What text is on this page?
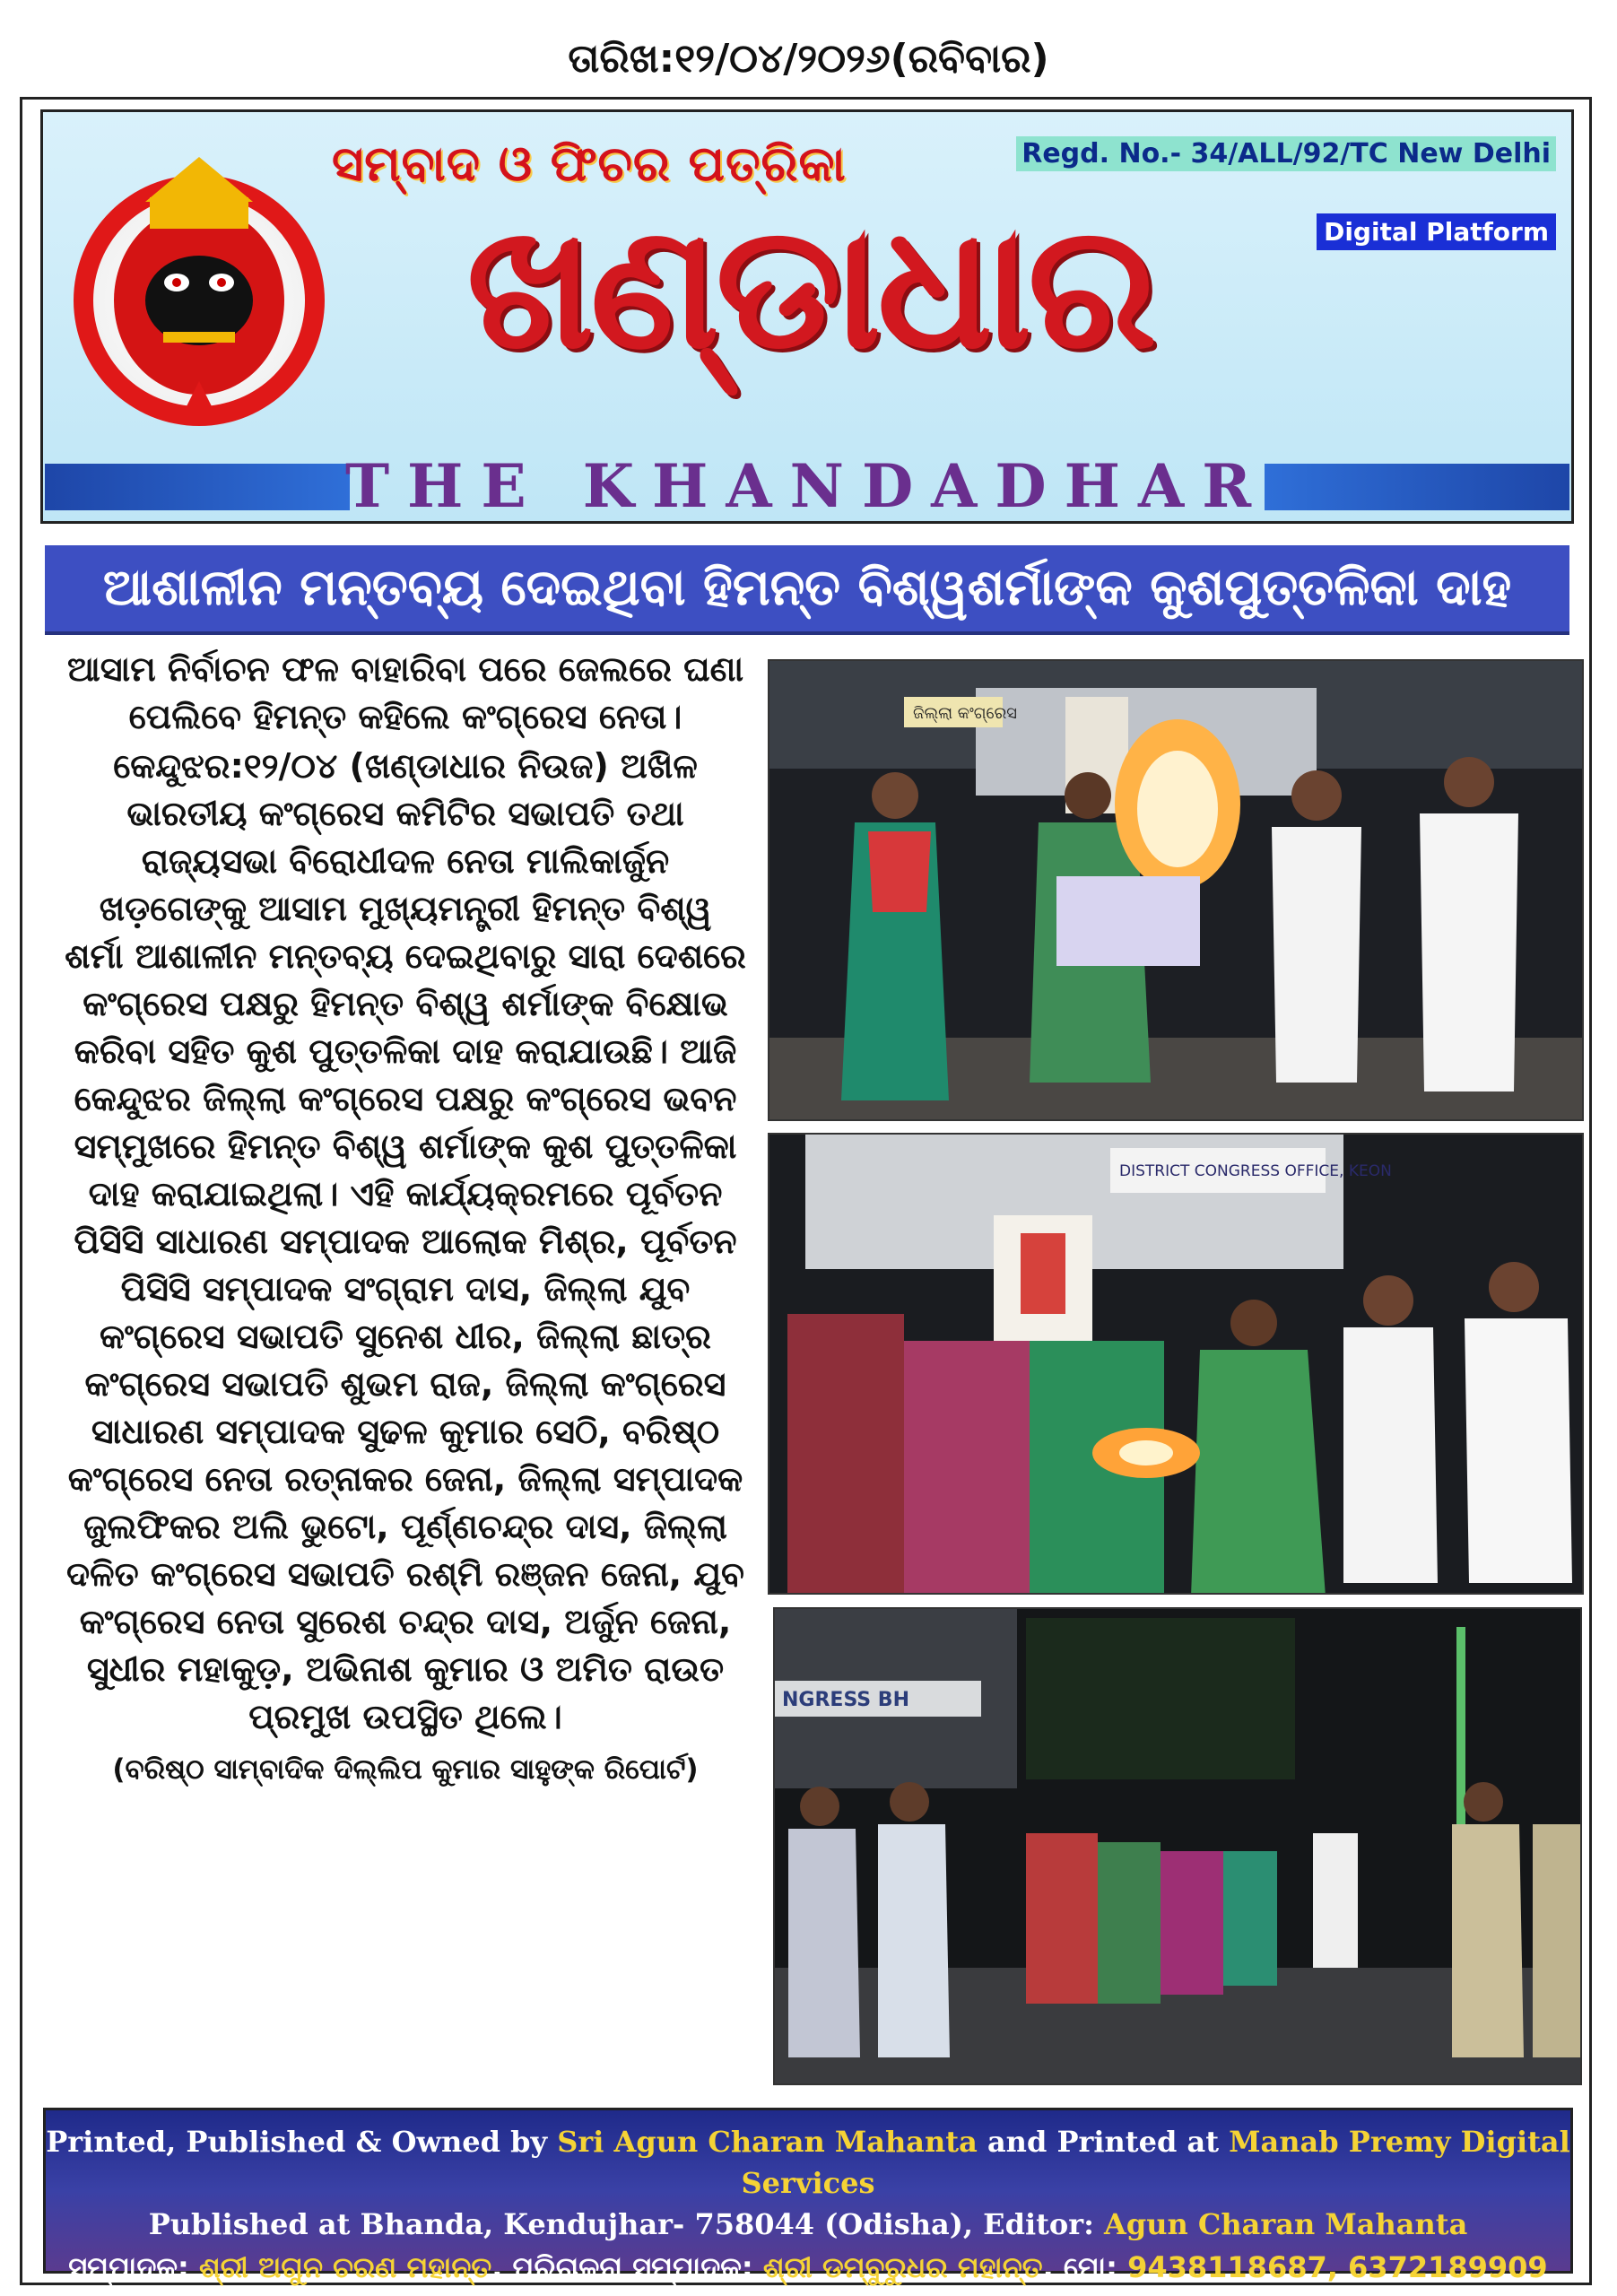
ତାରିଖ:୧୨/୦୪/୨୦୨୬(ରବିବାର)
ସମ୍ବାଦ ଓ ଫିଚର ପତ୍ରିକା
ଖଣ୍ଡାଧାର
Regd. No.- 34/ALL/92/TC New Delhi
Digital Platform
THE KHANDADHAR
ଆଶାଳୀନ ମନ୍ତବ୍ୟ ଦେଇଥିବା ହିମନ୍ତ ବିଶ୍ୱଶର୍ମାଙ୍କ କୁଶପୁତ୍ତଳିକା ଦାହ

ଆସାମ ନିର୍ବାଚନ ଫଳ ବାହାରିବା ପରେ ଜେଲରେ ଘଣା ପେଲିବେ ହିମନ୍ତ କହିଲେ କଂଗ୍ରେସ ନେତା।

କେନ୍ଦୁଝର:୧୨/୦୪ (ଖଣ୍ଡାଧାର ନିଉଜ) ଅଖିଳ ଭାରତୀୟ କଂଗ୍ରେସ କମିଟିର ସଭାପତି ତଥା ରାଜ୍ୟସଭା ବିରୋଧୀଦଳ ନେତା ମାଲିକାର୍ଜୁନ ଖଡ଼ଗେଙ୍କୁ ଆସାମ ମୁଖ୍ୟମନ୍ତ୍ରୀ ହିମନ୍ତ ବିଶ୍ୱ ଶର୍ମା ଆଶାଳୀନ ମନ୍ତବ୍ୟ ଦେଇଥିବାରୁ ସାରା ଦେଶରେ କଂଗ୍ରେସ ପକ୍ଷରୁ ହିମନ୍ତ ବିଶ୍ୱ ଶର୍ମାଙ୍କ ବିକ୍ଷୋଭ କରିବା ସହିତ କୁଶ ପୁତ୍ତଳିକା ଦାହ କରାଯାଉଛି। ଆଜି କେନ୍ଦୁଝର ଜିଲ୍ଲା କଂଗ୍ରେସ ପକ୍ଷରୁ କଂଗ୍ରେସ ଭବନ ସମ୍ମୁଖରେ ହିମନ୍ତ ବିଶ୍ୱ ଶର୍ମାଙ୍କ କୁଶ ପୁତ୍ତଳିକା ଦାହ କରାଯାଇଥିଲା। ଏହି କାର୍ଯ୍ୟକ୍ରମରେ ପୂର୍ବତନ ପିସିସି ସାଧାରଣ ସମ୍ପାଦକ ଆଲୋକ ମିଶ୍ର, ପୂର୍ବତନ ପିସିସି ସମ୍ପାଦକ ସଂଗ୍ରାମ ଦାସ, ଜିଲ୍ଲା ଯୁବ କଂଗ୍ରେସ ସଭାପତି ସୁନେଶ ଧୀର, ଜିଲ୍ଲା ଛାତ୍ର କଂଗ୍ରେସ ସଭାପତି ଶୁଭମ ରାଜ, ଜିଲ୍ଲା କଂଗ୍ରେସ ସାଧାରଣ ସମ୍ପାଦକ ସୁଢଳ କୁମାର ସେଠି, ବରିଷ୍ଠ କଂଗ୍ରେସ ନେତା ରତ୍ନାକର ଜେନା, ଜିଲ୍ଲା ସମ୍ପାଦକ ଜୁଲଫିକର ଅଲି ଭୁଟୋ, ପୂର୍ଣ୍ଣଚନ୍ଦ୍ର ଦାସ, ଜିଲ୍ଲା ଦଳିତ କଂଗ୍ରେସ ସଭାପତି ରଶ୍ମି ରଞ୍ଜନ ଜେନା, ଯୁବ କଂଗ୍ରେସ ନେତା ସୁରେଶ ଚନ୍ଦ୍ର ଦାସ, ଅର୍ଜୁନ ଜେନା, ସୁଧୀର ମହାକୁଡ଼, ଅଭିନାଶ କୁମାର ଓ ଅମିତ ରାଉତ ପ୍ରମୁଖ ଉପସ୍ଥିତ ଥିଲେ।

(ବରିଷ୍ଠ ସାମ୍ବାଦିକ ଦିଲ୍ଲିପ କୁମାର ସାହୁଙ୍କ ରିପୋର୍ଟ)

ଜିଲ୍ଲା କଂଗ୍ରେସ
DISTRICT CONGRESS OFFICE, KEON
NGRESS BH
Printed, Published & Owned by Sri Agun Charan Mahanta and Printed at Manab Premy Digital Services
Published at Bhanda, Kendujhar- 758044 (Odisha), Editor: Agun Charan Mahanta
ସମ୍ପାଦକ: ଶ୍ରୀ ଅଗୁନ ଚରଣ ମହାନ୍ତ, ପରିଚାଳନା ସମ୍ପାଦକ: ଶ୍ରୀ ଡମ୍ବୁରୁଧର ମହାନ୍ତ, ମୋ: 9438118687, 6372189909
